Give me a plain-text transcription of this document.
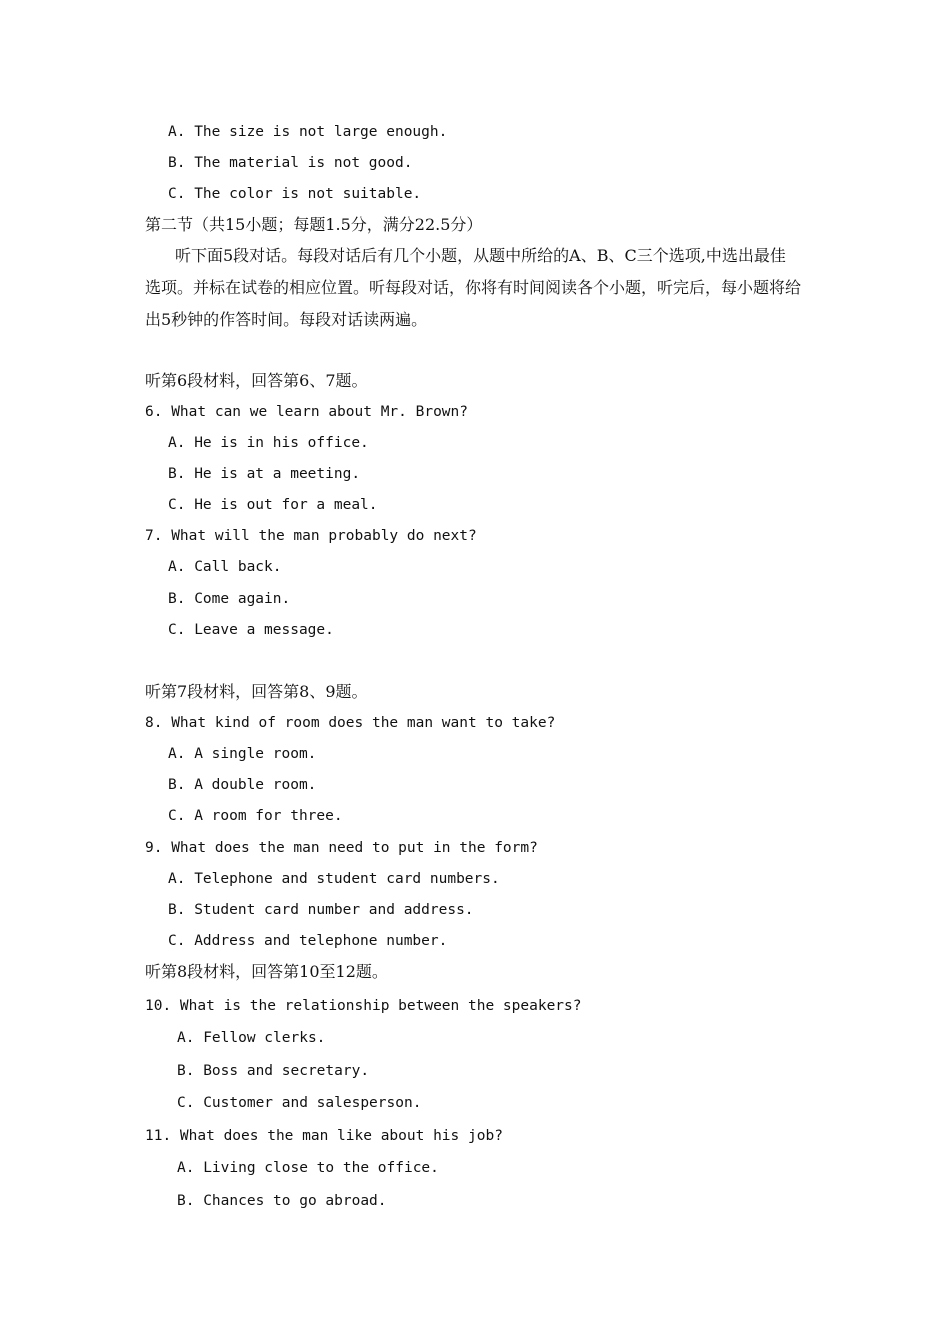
A. The size is not large enough.
B. The material is not good.
C. The color is not suitable.
第二节（共15小题；每题1.5分，满分22.5分）
听下面5段对话。每段对话后有几个小题，从题中所给的A、B、C三个选项,中选出最佳
选项。并标在试卷的相应位置。听每段对话，你将有时间阅读各个小题，听完后，每小题将给
出5秒钟的作答时间。每段对话读两遍。
听第6段材料，回答第6、7题。
6. What can we learn about Mr. Brown?
A. He is in his office.
B. He is at a meeting.
C. He is out for a meal.
7. What will the man probably do next?
A. Call back.
B. Come again.
C. Leave a message.
听第7段材料，回答第8、9题。
8. What kind of room does the man want to take?
A. A single room.
B. A double room.
C. A room for three.
9. What does the man need to put in the form?
A. Telephone and student card numbers.
B. Student card number and address.
C. Address and telephone number.
听第8段材料，回答第10至12题。
10. What is the relationship between the speakers?
A. Fellow clerks.
B. Boss and secretary.
C. Customer and salesperson.
11. What does the man like about his job?
A. Living close to the office.
B. Chances to go abroad.
